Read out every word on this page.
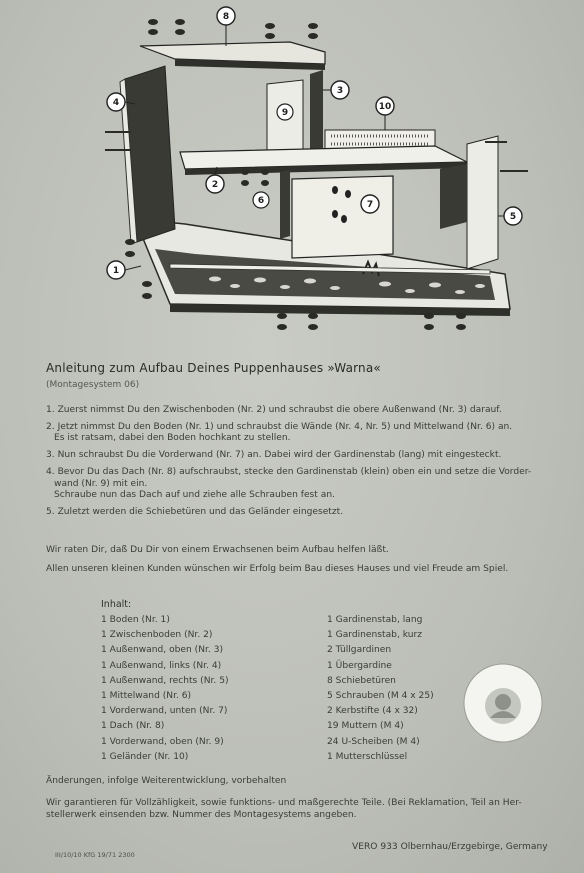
8
9
3
10
4
2
6	7
5
1
Anleitung zum Aufbau Deines Puppenhauses »Warna«
(Montagesystem 06)
1. Zuerst nimmst Du den Zwischenboden (Nr. 2) und schraubst die obere Außenwand (Nr. 3) darauf.
2. Jetzt nimmst Du den Boden (Nr. 1) und schraubst die Wände (Nr. 4, Nr. 5) und Mittelwand (Nr. 6) an.
Es ist ratsam, dabei den Boden hochkant zu stellen.
3. Nun schraubst Du die Vorderwand (Nr. 7) an. Dabei wird der Gardinenstab (lang) mit eingesteckt.
4. Bevor Du das Dach (Nr. 8) aufschraubst, stecke den Gardinenstab (klein) oben ein und setze die Vorder-
wand (Nr. 9) mit ein.
Schraube nun das Dach auf und ziehe alle Schrauben fest an.
5. Zuletzt werden die Schiebetüren und das Geländer eingesetzt.
Wir raten Dir, daß Du Dir von einem Erwachsenen beim Aufbau helfen läßt.
Allen unseren kleinen Kunden wünschen wir Erfolg beim Bau dieses Hauses und viel Freude am Spiel.
Inhalt:
1 Boden (Nr. 1)
1 Zwischenboden (Nr. 2)
1 Außenwand, oben (Nr. 3)
1 Außenwand, links (Nr. 4)
1 Außenwand, rechts (Nr. 5)
1 Mittelwand (Nr. 6)
1 Vorderwand, unten (Nr. 7)
1 Dach (Nr. 8)
1 Vorderwand, oben (Nr. 9)
1 Geländer (Nr. 10)
1 Gardinenstab, lang
1 Gardinenstab, kurz
2 Tüllgardinen
1 Übergardine
8 Schiebetüren
5 Schrauben (M 4 x 25)
2 Kerbstifte (4 x 32)
19 Muttern (M 4)
24 U-Scheiben (M 4)
1 Mutterschlüssel
Änderungen, infolge Weiterentwicklung, vorbehalten
Wir garantieren für Vollzähligkeit, sowie funktions- und maßgerechte Teile. (Bei Reklamation, Teil an Her-stellerwerk einsenden bzw. Nummer des Montagesystems angeben.
III/10/10 KfG 19/71 2300
VERO 933 Olbernhau/Erzgebirge, Germany
